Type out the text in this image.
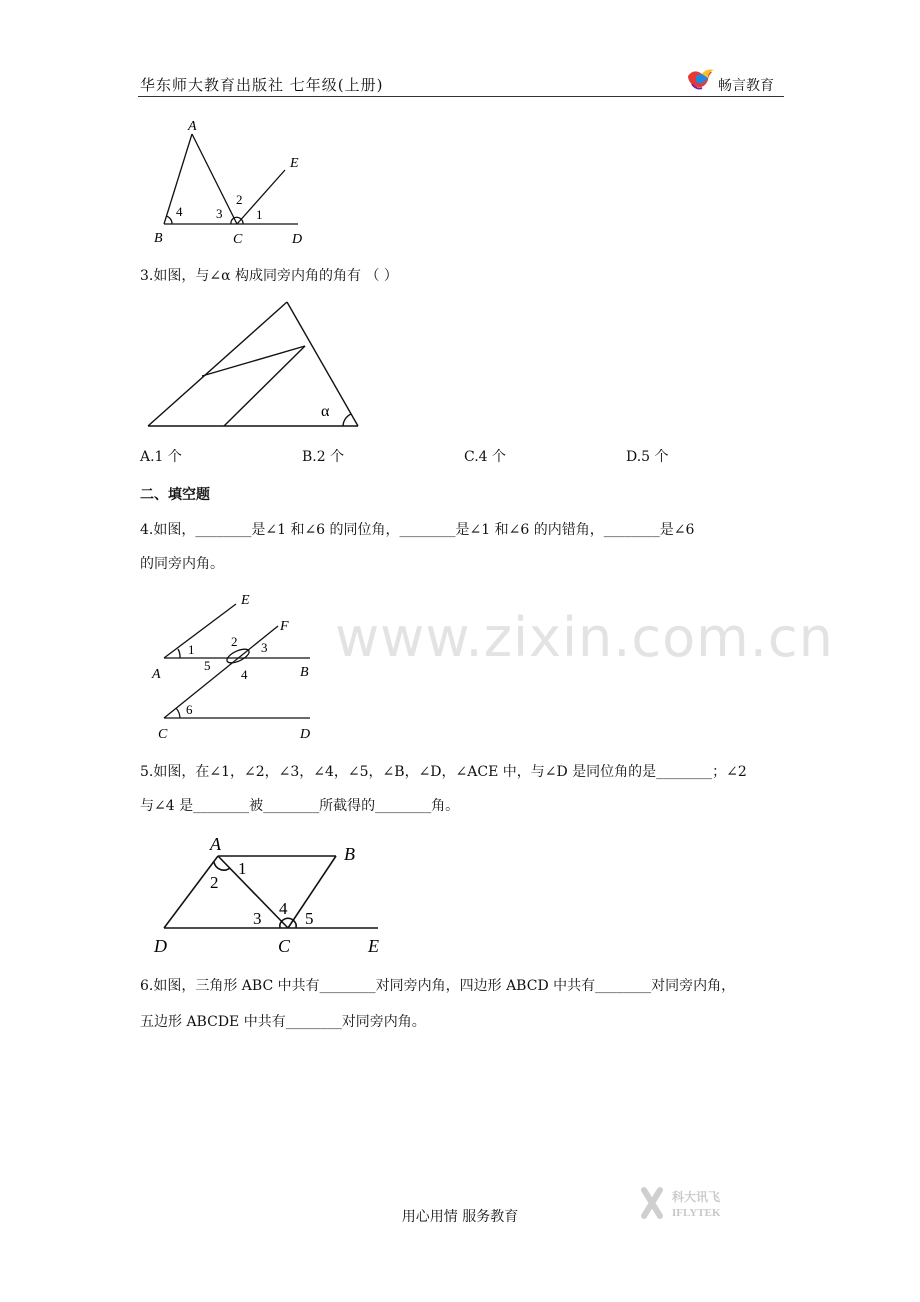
华东师大教育出版社 七年级(上册)	畅言教育
A
B	C	D
E
1
2
3
4
3.如图，与∠α 构成同旁内角的角有 （ ）
α
A.1 个	B.2 个	C.4 个	D.5 个
二、填空题
4.如图，________是∠1 和∠6 的同位角，________是∠1 和∠6 的内错角，________是∠6
的同旁内角。
E
F
A	B
C	D
1
2 3
4
5
6
5.如图，在∠1，∠2，∠3，∠4，∠5，∠B，∠D，∠ACE 中，与∠D 是同位角的是________；∠2
与∠4 是________被________所截得的________角。
A	B
C
D	E
1
2
3
4
5
6.如图，三角形 ABC 中共有________对同旁内角，四边形 ABCD 中共有________对同旁内角，
五边形 ABCDE 中共有________对同旁内角。
www.zixin.com.cn
用心用情 服务教育
科大讯飞
IFLYTEK
